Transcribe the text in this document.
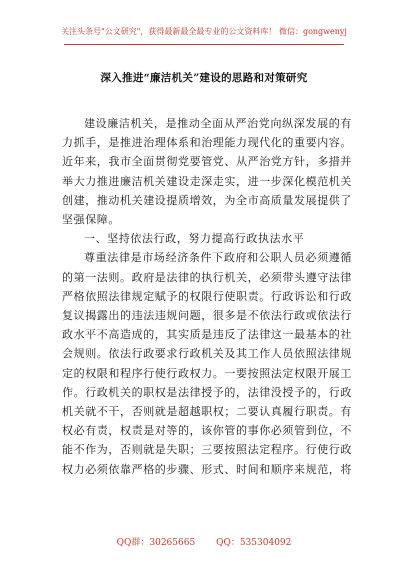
关注头条号"公文研究"，获得最新最全最专业的公文资料库！ 微信：gongwenyj
深入推进“廉洁机关”建设的思路和对策研究

建设廉洁机关，是推动全面从严治党向纵深发展的有力抓手，是推进治理体系和治理能力现代化的重要内容。近年来，我市全面贯彻党要管党、从严治党方针，多措并举大力推进廉洁机关建设走深走实，进一步深化模范机关创建，推动机关建设提质增效，为全市高质量发展提供了坚强保障。

一、坚持依法行政，努力提高行政执法水平

尊重法律是市场经济条件下政府和公职人员必须遵循的第一法则。政府是法律的执行机关，必须带头遵守法律严格依照法律规定赋予的权限行使职责。行政诉讼和行政复议揭露出的违法违规问题，很多是不依法行政或依法行政水平不高造成的，其实质是违反了法律这一最基本的社会规则。依法行政要求行政机关及其工作人员依照法律规定的权限和程序行使行政权力。一要按照法定权限开展工作。行政机关的职权是法律授予的，法律没授予的，行政机关就不干，否则就是超越职权；二要认真履行职责。有权必有责，权责是对等的，该你管的事你必须管到位，不能不作为，否则就是失职；三要按照法定程序。行使行政权力必须依靠严格的步骤、形式、时间和顺序来规范，将

QQ群：30265665 QQ：535304092
